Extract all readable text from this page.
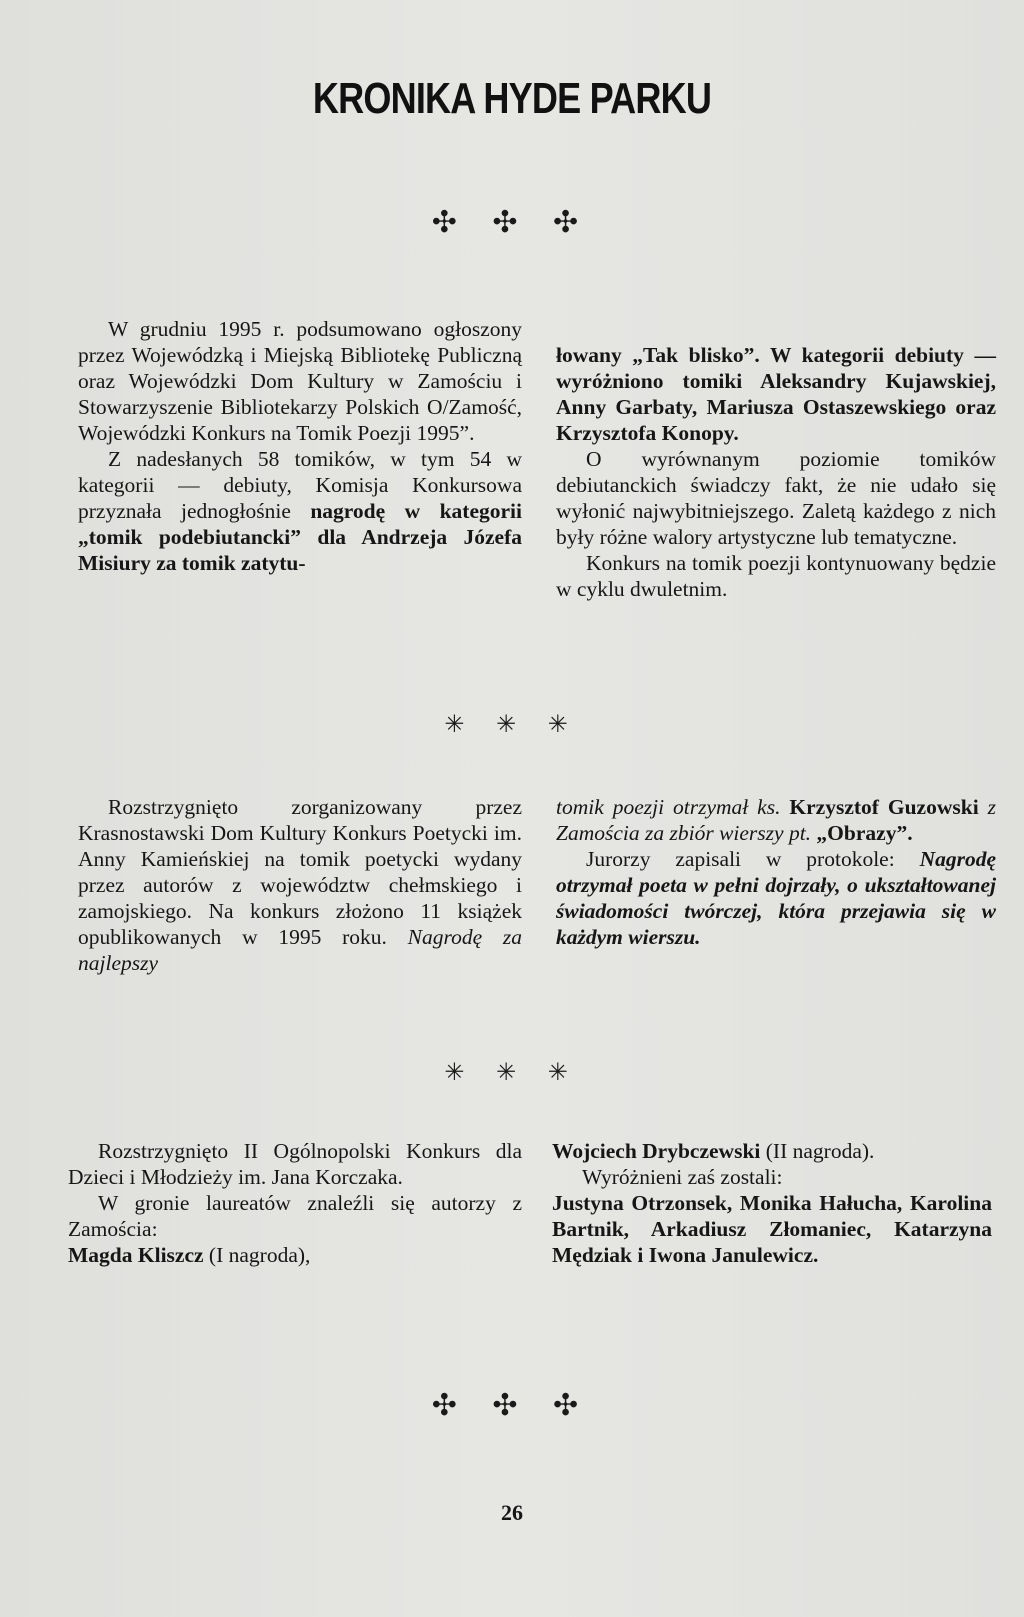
KRONIKA HYDE PARKU
✣ ✣ ✣

W grudniu 1995 r. podsumowano ogłoszony przez Wojewódzką i Miejską Bibliotekę Publiczną oraz Wojewódzki Dom Kultury w Zamościu i Stowarzyszenie Bibliotekarzy Polskich O/Zamość, Wojewódzki Konkurs na Tomik Poezji 1995”.

Z nadesłanych 58 tomików, w tym 54 w kategorii — debiuty, Komisja Konkursowa przyznała jednogłośnie nagrodę w kategorii „tomik podebiutancki” dla Andrzeja Józefa Misiury za tomik zatytu-

łowany „Tak blisko”. W kategorii debiuty — wyróżniono tomiki Aleksandry Kujawskiej, Anny Garbaty, Mariusza Ostaszewskiego oraz Krzysztofa Konopy.

O wyrównanym poziomie tomików debiutanckich świadczy fakt, że nie udało się wyłonić najwybitniejszego. Zaletą każdego z nich były różne walory artystyczne lub tematyczne.

Konkurs na tomik poezji kontynuowany będzie w cyklu dwuletnim.

✳ ✳ ✳

Rozstrzygnięto zorganizowany przez Krasnostawski Dom Kultury Konkurs Poetycki im. Anny Kamieńskiej na tomik poetycki wydany przez autorów z województw chełmskiego i zamojskiego. Na konkurs złożono 11 książek opublikowanych w 1995 roku. Nagrodę za najlepszy

tomik poezji otrzymał ks. Krzysztof Guzowski z Zamościa za zbiór wierszy pt. „Obrazy”.

Jurorzy zapisali w protokole: Nagrodę otrzymał poeta w pełni dojrzały, o ukształtowanej świadomości twórczej, która przejawia się w każdym wierszu.

✳ ✳ ✳

Rozstrzygnięto II Ogólnopolski Konkurs dla Dzieci i Młodzieży im. Jana Korczaka.

W gronie laureatów znaleźli się autorzy z Zamościa:

Magda Kliszcz (I nagroda),

Wojciech Drybczewski (II nagroda).

Wyróżnieni zaś zostali:

Justyna Otrzonsek, Monika Hałucha, Karolina Bartnik, Arkadiusz Złomaniec, Katarzyna Mędziak i Iwona Janulewicz.

✣ ✣ ✣
26
